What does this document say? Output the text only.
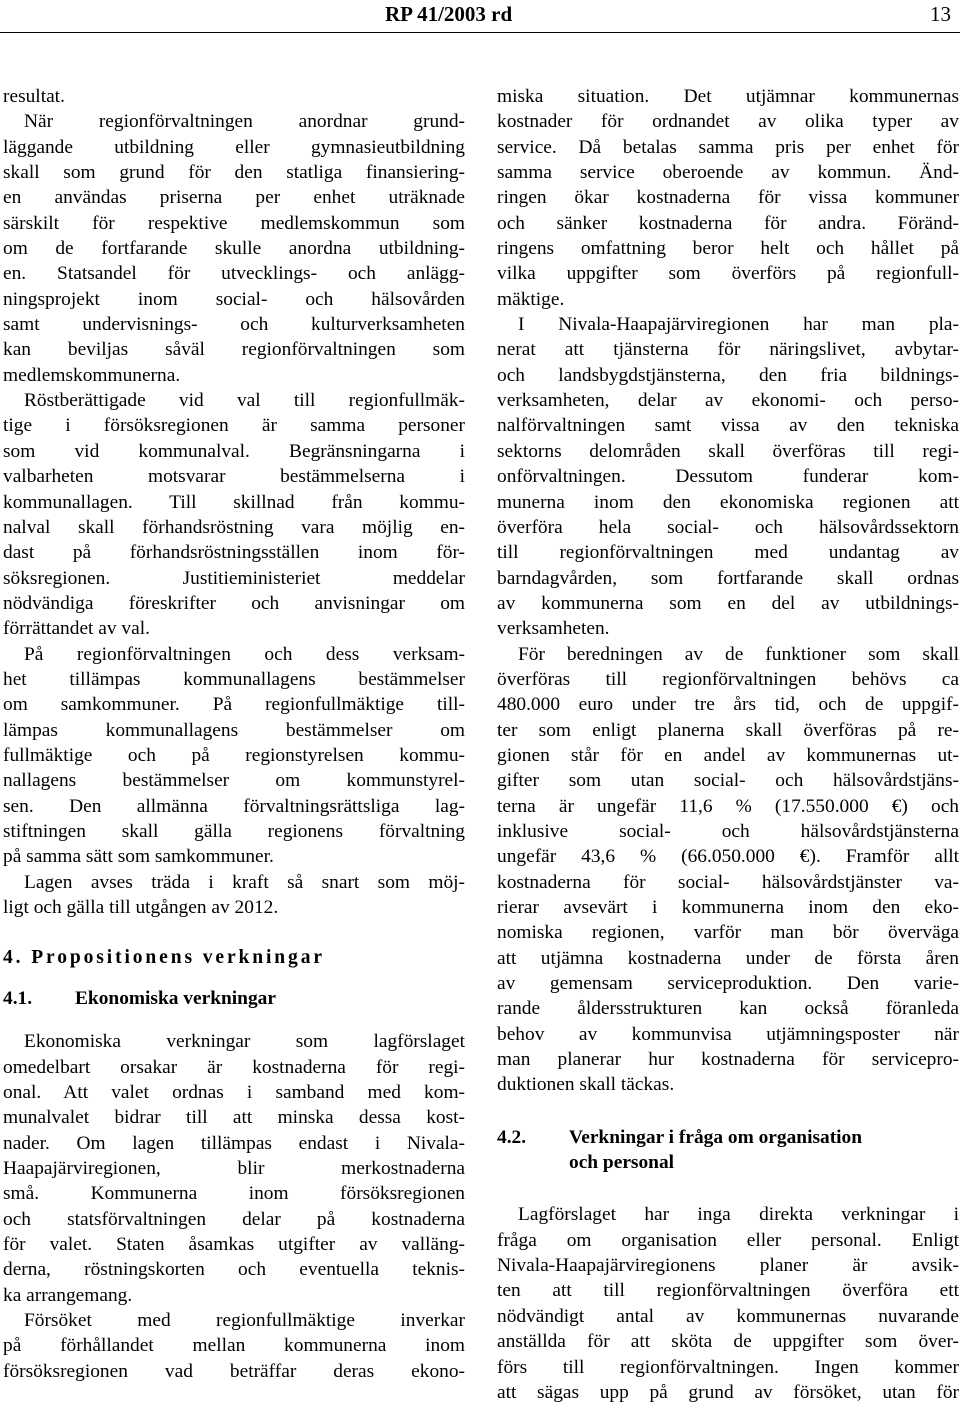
RP 41/2003 rd	13
resultat.
När regionförvaltningen anordnar grund-
läggande utbildning eller gymnasieutbildning
skall som grund för den statliga finansiering-
en användas priserna per enhet uträknade
särskilt för respektive medlemskommun som
om de fortfarande skulle anordna utbildning-
en. Statsandel för utvecklings- och anlägg-
ningsprojekt inom social- och hälsovården
samt undervisnings- och kulturverksamheten
kan beviljas såväl regionförvaltningen som
medlemskommunerna.
Röstberättigade vid val till regionfullmäk-
tige i försöksregionen är samma personer
som vid kommunalval. Begränsningarna i
valbarheten motsvarar bestämmelserna i
kommunallagen. Till skillnad från kommu-
nalval skall förhandsröstning vara möjlig en-
dast på förhandsröstningsställen inom för-
söksregionen. Justitieministeriet meddelar
nödvändiga föreskrifter och anvisningar om
förrättandet av val.
På regionförvaltningen och dess verksam-
het tillämpas kommunallagens bestämmelser
om samkommuner. På regionfullmäktige till-
lämpas kommunallagens bestämmelser om
fullmäktige och på regionstyrelsen kommu-
nallagens bestämmelser om kommunstyrel-
sen. Den allmänna förvaltningsrättsliga lag-
stiftningen skall gälla regionens förvaltning
på samma sätt som samkommuner.
Lagen avses träda i kraft så snart som möj-
ligt och gälla till utgången av 2012.
4. Propositionens verkningar
4.1.	Ekonomiska verkningar
Ekonomiska verkningar som lagförslaget
omedelbart orsakar är kostnaderna för regi-
onal. Att valet ordnas i samband med kom-
munalvalet bidrar till att minska dessa kost-
nader. Om lagen tillämpas endast i Nivala-
Haapajärviregionen, blir merkostnaderna
små. Kommunerna inom försöksregionen
och statsförvaltningen delar på kostnaderna
för valet. Staten åsamkas utgifter av valläng-
derna, röstningskorten och eventuella teknis-
ka arrangemang.
Försöket med regionfullmäktige inverkar
på förhållandet mellan kommunerna inom
försöksregionen vad beträffar deras ekono-
miska situation. Det utjämnar kommunernas
kostnader för ordnandet av olika typer av
service. Då betalas samma pris per enhet för
samma service oberoende av kommun. Änd-
ringen ökar kostnaderna för vissa kommuner
och sänker kostnaderna för andra. Föränd-
ringens omfattning beror helt och hållet på
vilka uppgifter som överförs på regionfull-
mäktige.
I Nivala-Haapajärviregionen har man pla-
nerat att tjänsterna för näringslivet, avbytar-
och landsbygdstjänsterna, den fria bildnings-
verksamheten, delar av ekonomi- och perso-
nalförvaltningen samt vissa av den tekniska
sektorns delområden skall överföras till regi-
onförvaltningen. Dessutom funderar kom-
munerna inom den ekonomiska regionen att
överföra hela social- och hälsovårdssektorn
till regionförvaltningen med undantag av
barndagvården, som fortfarande skall ordnas
av kommunerna som en del av utbildnings-
verksamheten.
För beredningen av de funktioner som skall
överföras till regionförvaltningen behövs ca
480.000 euro under tre års tid, och de uppgif-
ter som enligt planerna skall överföras på re-
gionen står för en andel av kommunernas ut-
gifter som utan social- och hälsovårdstjäns-
terna är ungefär 11,6 % (17.550.000 €) och
inklusive social- och hälsovårdstjänsterna
ungefär 43,6 % (66.050.000 €). Framför allt
kostnaderna för social- hälsovårdstjänster va-
rierar avsevärt i kommunerna inom den eko-
nomiska regionen, varför man bör överväga
att utjämna kostnaderna under de första åren
av gemensam serviceproduktion. Den varie-
rande åldersstrukturen kan också föranleda
behov av kommunvisa utjämningsposter när
man planerar hur kostnaderna för servicepro-
duktionen skall täckas.
4.2.	Verkningar i fråga om organisation
och personal
Lagförslaget har inga direkta verkningar i
fråga om organisation eller personal. Enligt
Nivala-Haapajärviregionens planer är avsik-
ten att till regionförvaltningen överföra ett
nödvändigt antal av kommunernas nuvarande
anställda för att sköta de uppgifter som över-
förs till regionförvaltningen. Ingen kommer
att sägas upp på grund av försöket, utan för
